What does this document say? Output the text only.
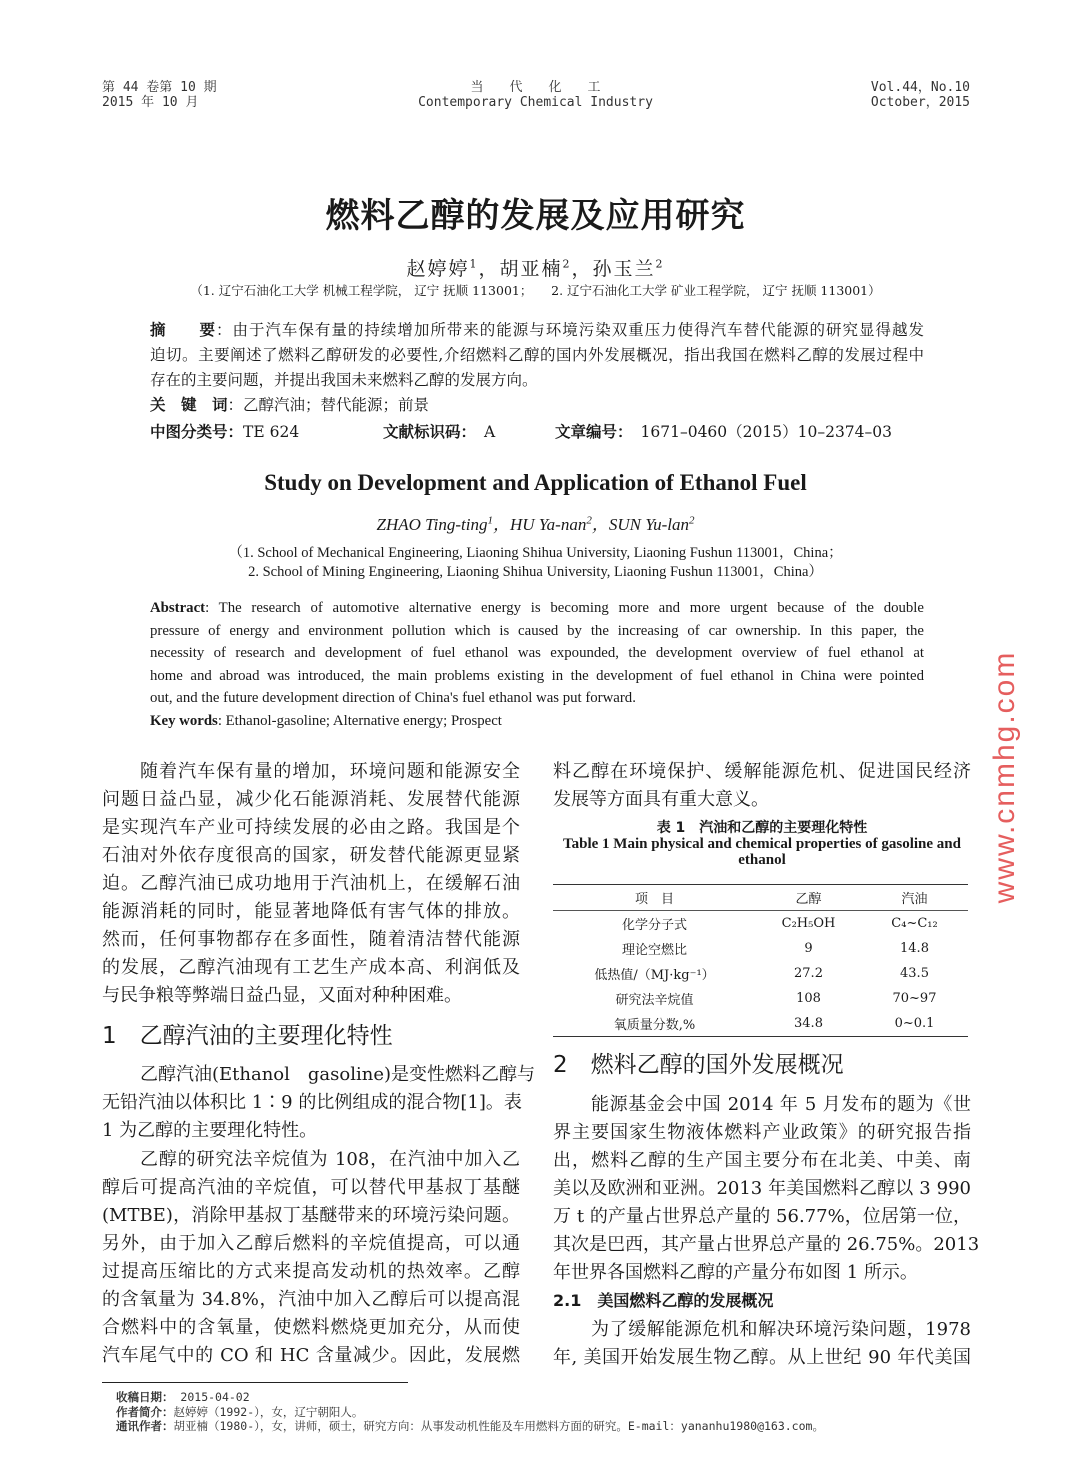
第 44 卷第 10 期
2015 年 10 月
当　　代　　化　　工
Contemporary Chemical Industry
Vol.44，No.10
October，2015
www.cnmhg.com
燃料乙醇的发展及应用研究
赵婷婷$^1$，胡亚楠$^2$，孙玉兰$^2$
（1. 辽宁石油化工大学 机械工程学院， 辽宁 抚顺 113001；　　2. 辽宁石油化工大学 矿业工程学院， 辽宁 抚顺 113001）
摘　　要：由于汽车保有量的持续增加所带来的能源与环境污染双重压力使得汽车替代能源的研究显得越发
迫切。主要阐述了燃料乙醇研发的必要性,介绍燃料乙醇的国内外发展概况，指出我国在燃料乙醇的发展过程中
存在的主要问题，并提出我国未来燃料乙醇的发展方向。
关　键　词：乙醇汽油；替代能源；前景
中图分类号：TE 624	文献标识码： A	文章编号： 1671–0460（2015）10–2374–03
Study on Development and Application of Ethanol Fuel
ZHAO Ting-ting$^1$，HU Ya-nan$^2$，SUN Yu-lan$^2$
（1. School of Mechanical Engineering, Liaoning Shihua University, Liaoning Fushun 113001，China；
2. School of Mining Engineering, Liaoning Shihua University, Liaoning Fushun 113001，China）
Abstract: The research of automotive alternative energy is becoming more and more urgent because of the double
pressure of energy and environment pollution which is caused by the increasing of car ownership. In this paper, the
necessity of research and development of fuel ethanol was expounded, the development overview of fuel ethanol at
home and abroad was introduced, the main problems existing in the development of fuel ethanol in China were pointed
out, and the future development direction of China's fuel ethanol was put forward.
Key words: Ethanol-gasoline; Alternative energy; Prospect
随着汽车保有量的增加，环境问题和能源安全
问题日益凸显，减少化石能源消耗、发展替代能源
是实现汽车产业可持续发展的必由之路。我国是个
石油对外依存度很高的国家，研发替代能源更显紧
迫。乙醇汽油已成功地用于汽油机上，在缓解石油
能源消耗的同时，能显著地降低有害气体的排放。
然而，任何事物都存在多面性，随着清洁替代能源
的发展，乙醇汽油现有工艺生产成本高、利润低及
与民争粮等弊端日益凸显，又面对种种困难。
1　乙醇汽油的主要理化特性
乙醇汽油(Ethanol　gasoline)是变性燃料乙醇与
无铅汽油以体积比 1∶9 的比例组成的混合物[1]。表
1 为乙醇的主要理化特性。
乙醇的研究法辛烷值为 108，在汽油中加入乙
醇后可提高汽油的辛烷值，可以替代甲基叔丁基醚
(MTBE)，消除甲基叔丁基醚带来的环境污染问题。
另外，由于加入乙醇后燃料的辛烷值提高，可以通
过提高压缩比的方式来提高发动机的热效率。乙醇
的含氧量为 34.8%，汽油中加入乙醇后可以提高混
合燃料中的含氧量，使燃料燃烧更加充分，从而使
汽车尾气中的 CO 和 HC 含量减少。因此，发展燃
料乙醇在环境保护、缓解能源危机、促进国民经济
发展等方面具有重大意义。
表 1　汽油和乙醇的主要理化特性
Table 1 Main physical and chemical properties of gasoline and ethanol
项　目	乙醇	汽油
化学分子式	C₂H₅OH	C₄~C₁₂
理论空燃比	9	14.8
低热值/（MJ·kg⁻¹）	27.2	43.5
研究法辛烷值	108	70~97
氧质量分数,%	34.8	0~0.1
2　燃料乙醇的国外发展概况
能源基金会中国 2014 年 5 月发布的题为《世
界主要国家生物液体燃料产业政策》的研究报告指
出，燃料乙醇的生产国主要分布在北美、中美、南
美以及欧洲和亚洲。2013 年美国燃料乙醇以 3 990
万 t 的产量占世界总产量的 56.77%，位居第一位，
其次是巴西，其产量占世界总产量的 26.75%。2013
年世界各国燃料乙醇的产量分布如图 1 所示。
2.1　美国燃料乙醇的发展概况
为了缓解能源危机和解决环境污染问题，1978
年, 美国开始发展生物乙醇。从上世纪 90 年代美国
收稿日期： 2015-04-02
作者简介：赵婷婷（1992-），女，辽宁朝阳人。
通讯作者：胡亚楠（1980-），女，讲师，硕士，研究方向：从事发动机性能及车用燃料方面的研究。E-mail：yananhu1980@163.com。
